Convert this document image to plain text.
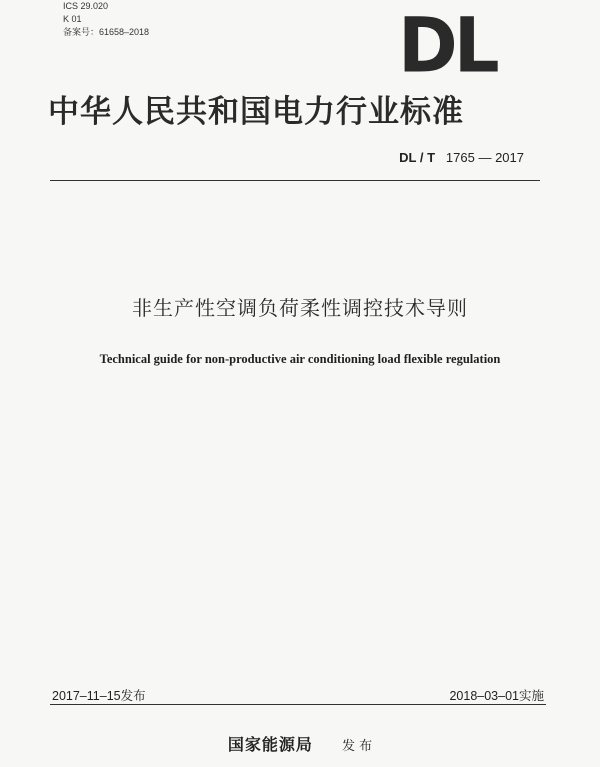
ICS 29.020
K 01
备案号：61658–2018	DL
中华人民共和国电力行业标准
DL / T 1765 — 2017
非生产性空调负荷柔性调控技术导则
Technical guide for non-productive air conditioning load flexible regulation
2017–11–15发布	2018–03–01实施
国家能源局 发 布
